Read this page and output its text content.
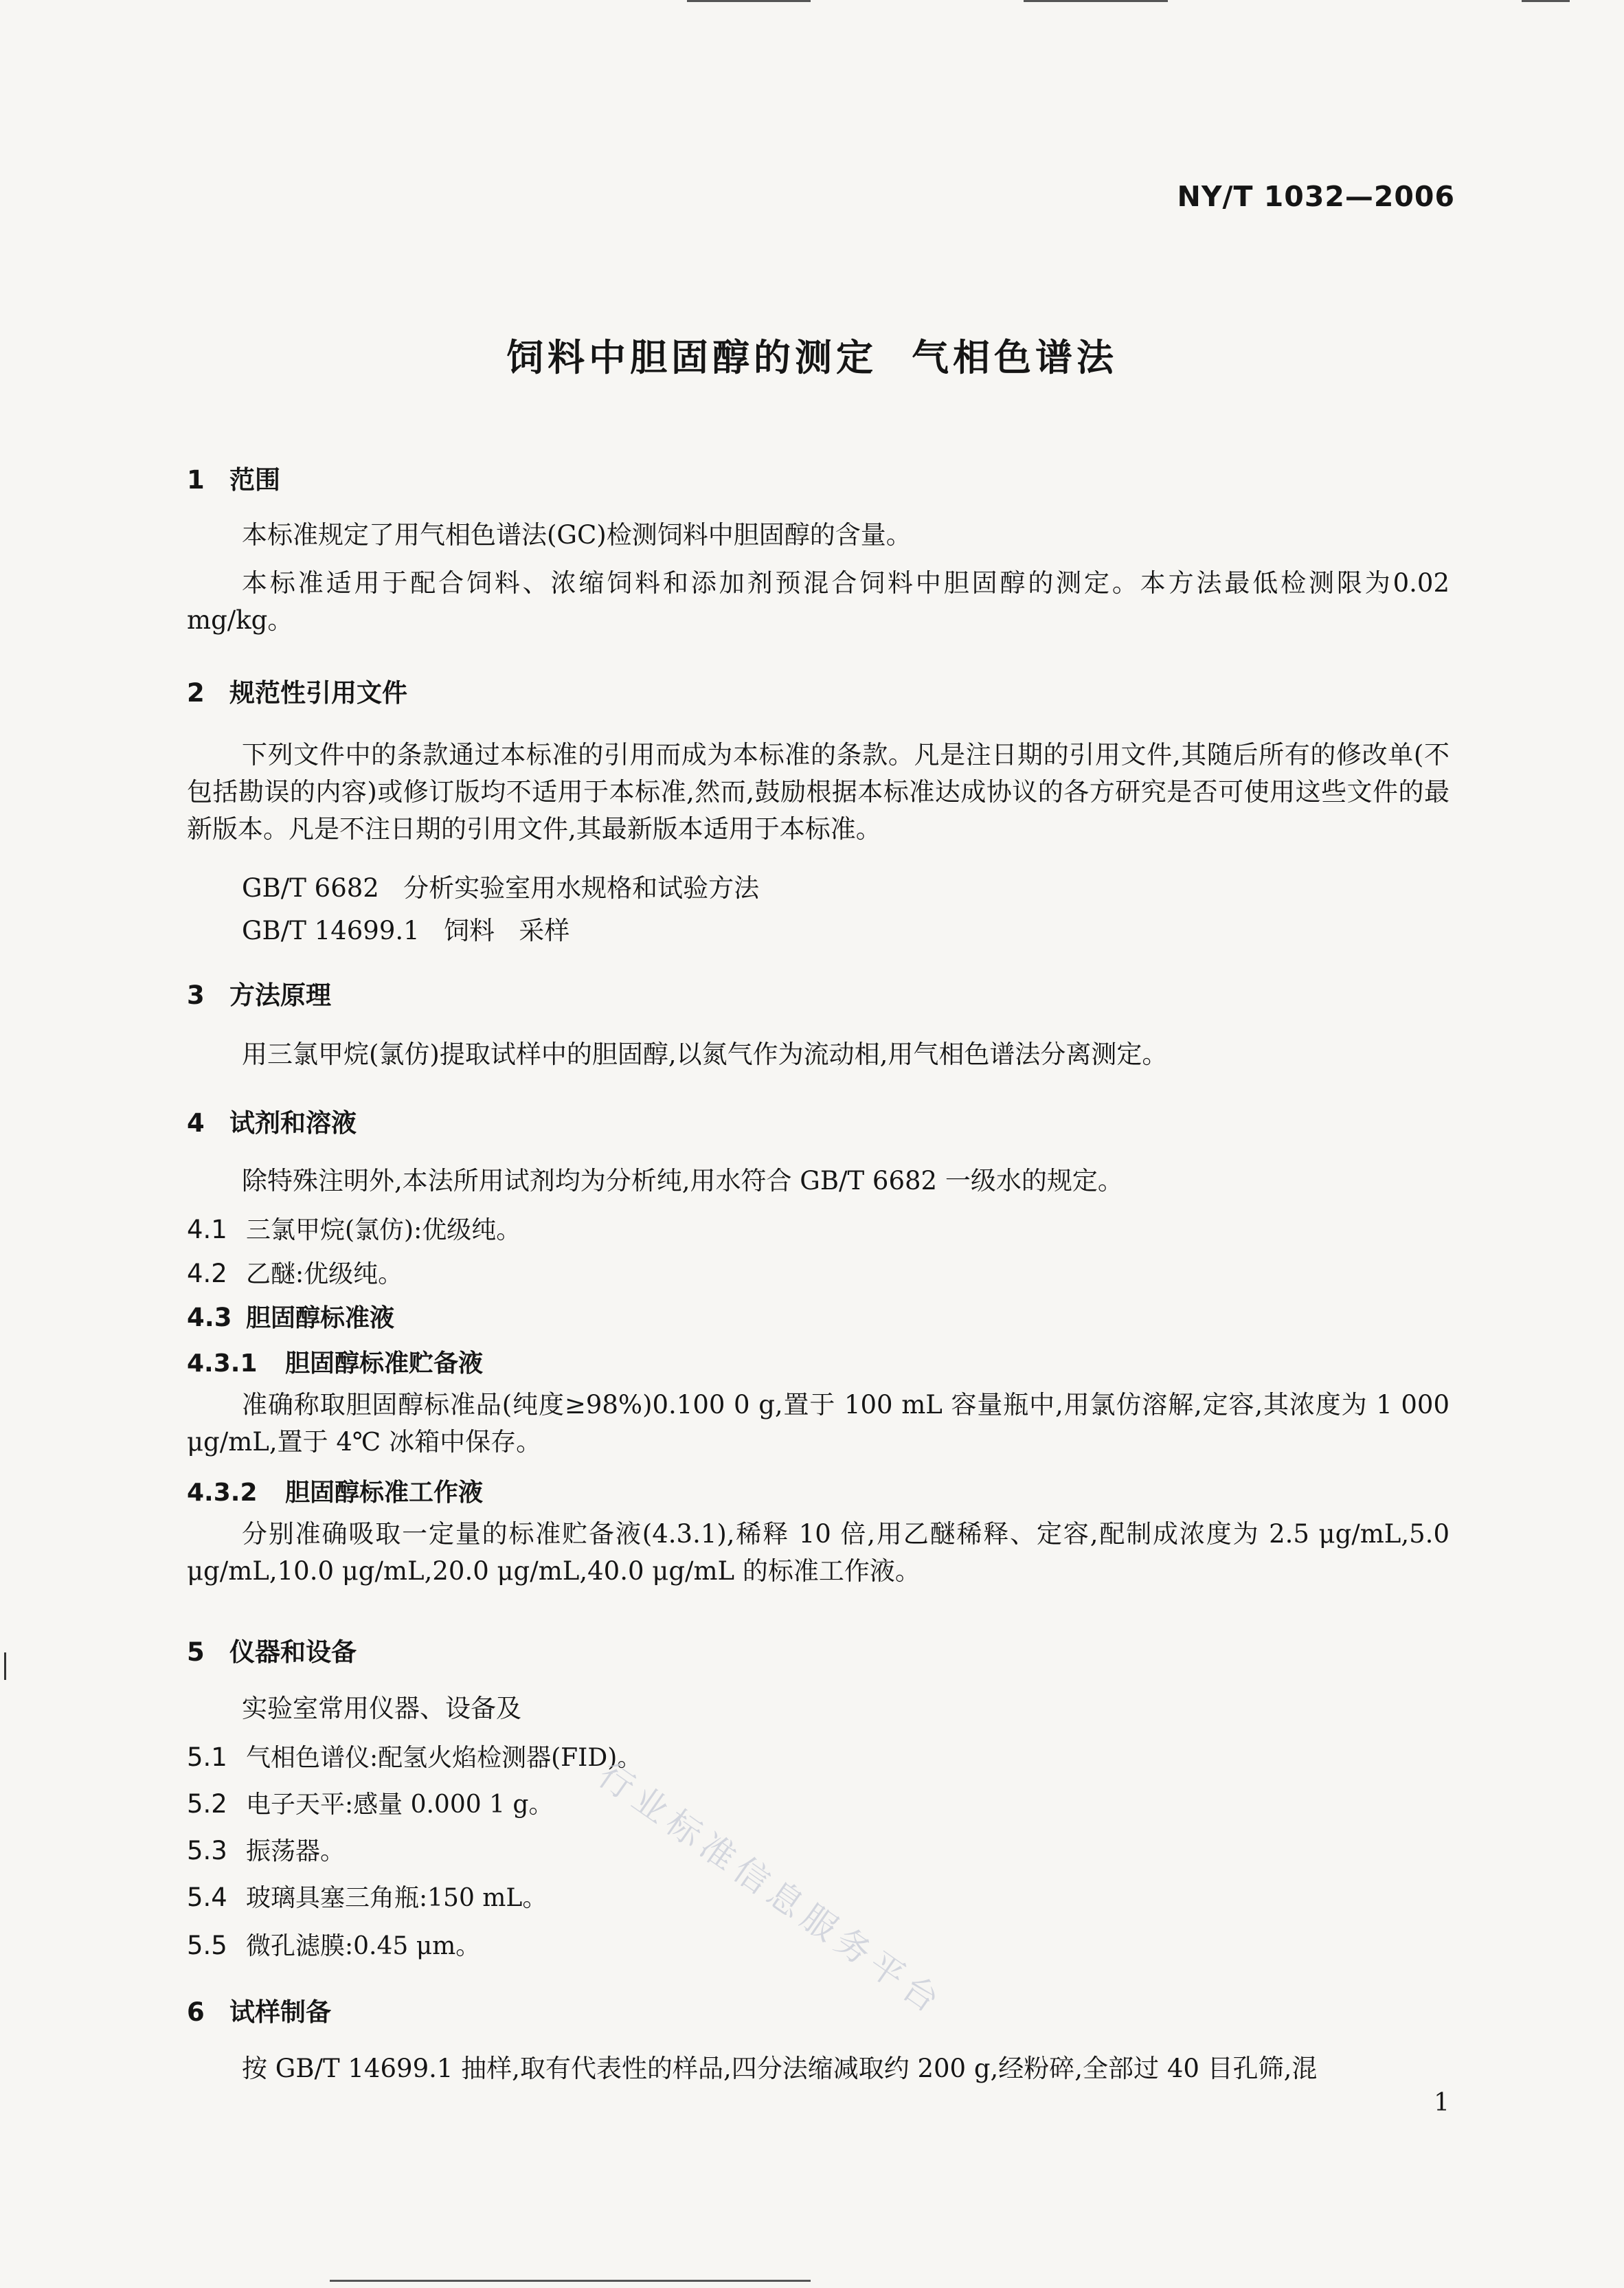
NY/T 1032—2006
饲料中胆固醇的测定 气相色谱法
1 范围
本标准规定了用气相色谱法(GC)检测饲料中胆固醇的含量。
本标准适用于配合饲料、浓缩饲料和添加剂预混合饲料中胆固醇的测定。本方法最低检测限为0.02 mg/kg。
2 规范性引用文件
下列文件中的条款通过本标准的引用而成为本标准的条款。凡是注日期的引用文件,其随后所有的修改单(不包括勘误的内容)或修订版均不适用于本标准,然而,鼓励根据本标准达成协议的各方研究是否可使用这些文件的最新版本。凡是不注日期的引用文件,其最新版本适用于本标准。
GB/T 6682   分析实验室用水规格和试验方法
GB/T 14699.1   饲料   采样
3 方法原理
用三氯甲烷(氯仿)提取试样中的胆固醇,以氮气作为流动相,用气相色谱法分离测定。
4 试剂和溶液
除特殊注明外,本法所用试剂均为分析纯,用水符合 GB/T 6682 一级水的规定。
4.1 三氯甲烷(氯仿):优级纯。
4.2 乙醚:优级纯。
4.3 胆固醇标准液
4.3.1 胆固醇标准贮备液
准确称取胆固醇标准品(纯度≥98%)0.100 0 g,置于 100 mL 容量瓶中,用氯仿溶解,定容,其浓度为 1 000 μg/mL,置于 4℃ 冰箱中保存。
4.3.2 胆固醇标准工作液
分别准确吸取一定量的标准贮备液(4.3.1),稀释 10 倍,用乙醚稀释、定容,配制成浓度为 2.5 μg/mL,5.0 μg/mL,10.0 μg/mL,20.0 μg/mL,40.0 μg/mL 的标准工作液。
5 仪器和设备
实验室常用仪器、设备及
5.1 气相色谱仪:配氢火焰检测器(FID)。
5.2 电子天平:感量 0.000 1 g。
5.3 振荡器。
5.4 玻璃具塞三角瓶:150 mL。
5.5 微孔滤膜:0.45 μm。
6 试样制备
按 GB/T 14699.1 抽样,取有代表性的样品,四分法缩减取约 200 g,经粉碎,全部过 40 目孔筛,混
行业标准信息服务平台
1
